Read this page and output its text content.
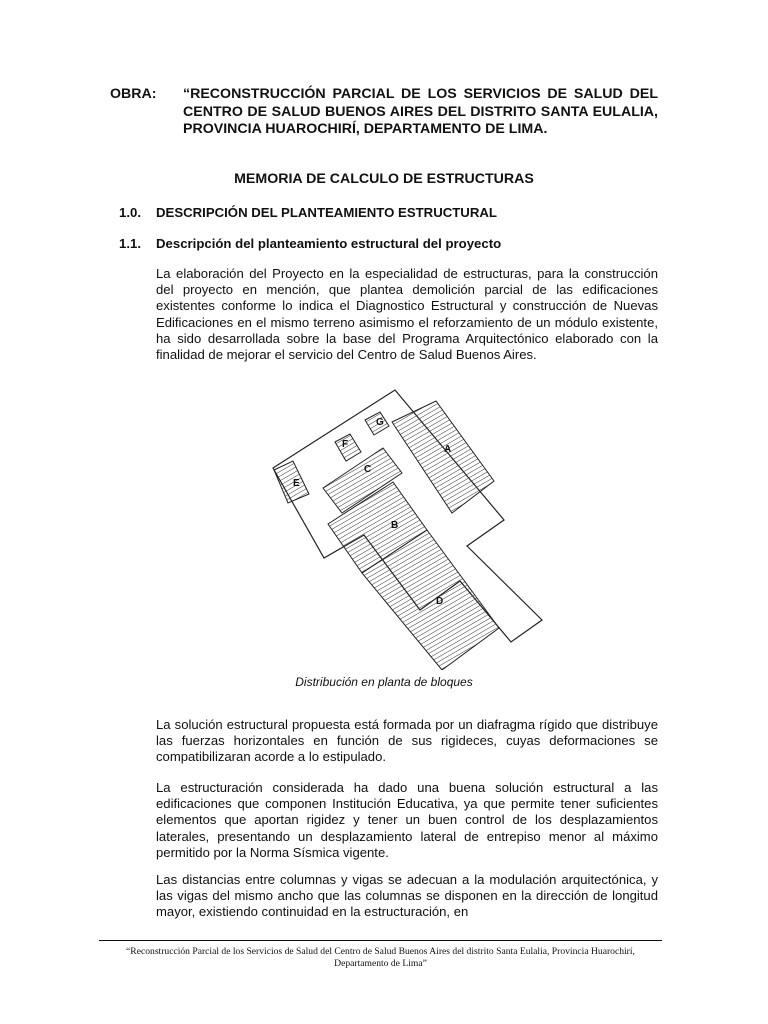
OBRA:	“RECONSTRUCCIÓN PARCIAL DE LOS SERVICIOS DE SALUD DEL CENTRO DE SALUD BUENOS AIRES DEL DISTRITO SANTA EULALIA, PROVINCIA HUAROCHIRÍ, DEPARTAMENTO DE LIMA.
MEMORIA DE CALCULO DE ESTRUCTURAS
1.0. DESCRIPCIÓN DEL PLANTEAMIENTO ESTRUCTURAL
1.1. Descripción del planteamiento estructural del proyecto
La elaboración del Proyecto en la especialidad de estructuras, para la construcción del proyecto en mención, que plantea demolición parcial de las edificaciones existentes conforme lo indica el Diagnostico Estructural y construcción de Nuevas Edificaciones en el mismo terreno asimismo el reforzamiento de un módulo existente, ha sido desarrollada sobre la base del Programa Arquitectónico elaborado con la finalidad de mejorar el servicio del Centro de Salud Buenos Aires.
A
B
C
D
E
F
G
Distribución en planta de bloques
La solución estructural propuesta está formada por un diafragma rígido que distribuye las fuerzas horizontales en función de sus rigideces, cuyas deformaciones se compatibilizaran acorde a lo estipulado.
La estructuración considerada ha dado una buena solución estructural a las edificaciones que componen Institución Educativa, ya que permite tener suficientes elementos que aportan rigidez y tener un buen control de los desplazamientos laterales, presentando un desplazamiento lateral de entrepiso menor al máximo permitido por la Norma Sísmica vigente.
Las distancias entre columnas y vigas se adecuan a la modulación arquitectónica, y las vigas del mismo ancho que las columnas se disponen en la dirección de longitud mayor, existiendo continuidad en la estructuración, en
“Reconstrucción Parcial de los Servicios de Salud del Centro de Salud Buenos Aires del distrito Santa Eulalia, Provincia Huarochirí,
Departamento de Lima”
